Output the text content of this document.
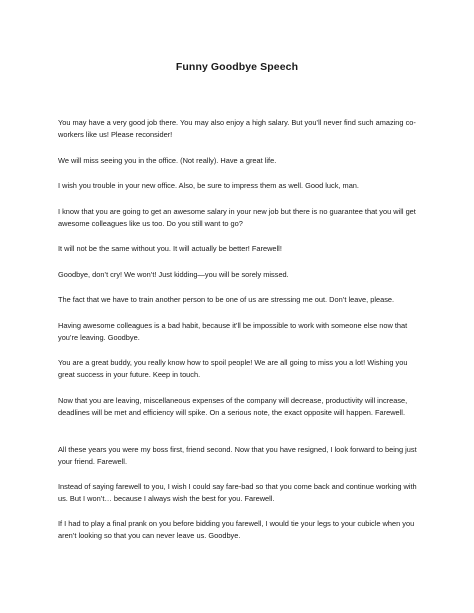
Funny Goodbye Speech

You may have a very good job there. You may also enjoy a high salary. But you’ll never find such amazing co-workers like us! Please reconsider!

We will miss seeing you in the office. (Not really). Have a great life.

I wish you trouble in your new office. Also, be sure to impress them as well. Good luck, man.

I know that you are going to get an awesome salary in your new job but there is no guarantee that you will get awesome colleagues like us too. Do you still want to go?

It will not be the same without you. It will actually be better! Farewell!

Goodbye, don’t cry! We won’t! Just kidding—you will be sorely missed.

The fact that we have to train another person to be one of us are stressing me out. Don’t leave, please.

Having awesome colleagues is a bad habit, because it’ll be impossible to work with someone else now that you’re leaving. Goodbye.

You are a great buddy, you really know how to spoil people! We are all going to miss you a lot! Wishing you great success in your future. Keep in touch.

Now that you are leaving, miscellaneous expenses of the company will decrease, productivity will increase, deadlines will be met and efficiency will spike. On a serious note, the exact opposite will happen. Farewell.

All these years you were my boss first, friend second. Now that you have resigned, I look forward to being just your friend. Farewell.

Instead of saying farewell to you, I wish I could say fare-bad so that you come back and continue working with us. But I won’t… because I always wish the best for you. Farewell.

If I had to play a final prank on you before bidding you farewell, I would tie your legs to your cubicle when you aren’t looking so that you can never leave us. Goodbye.
